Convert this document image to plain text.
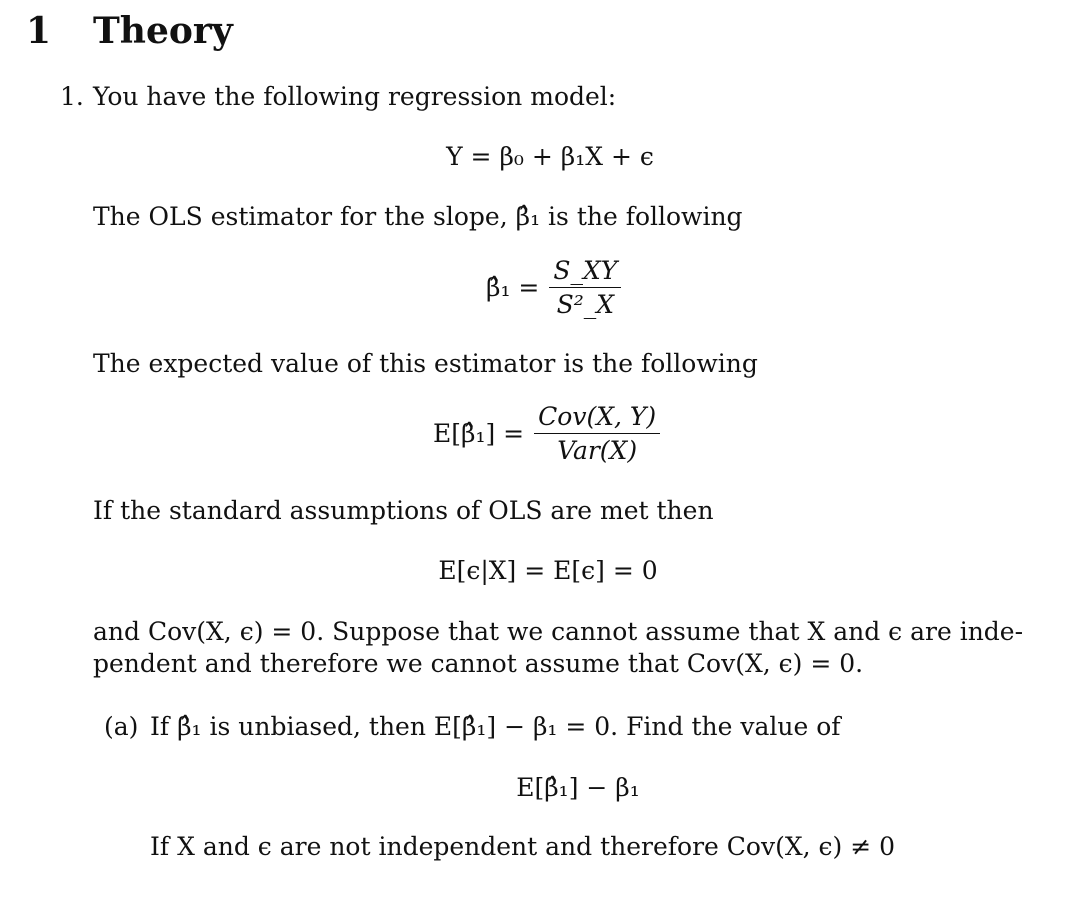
1 Theory
1. You have the following regression model:
Y = β₀ + β₁X + ϵ
The OLS estimator for the slope, β̂₁ is the following
β̂₁ = $\frac{S\_XY}{\text{S²\_X}}$
The expected value of this estimator is the following
E[β̂₁] = $\frac{\text{Cov(X, Y)}}{\text{Var(X)}}$
If the standard assumptions of OLS are met then
E[ϵ|X] = E[ϵ] = 0
and Cov(X, ϵ) = 0. Suppose that we cannot assume that X and ϵ are inde-
pendent and therefore we cannot assume that Cov(X, ϵ) = 0.
(a) If β̂₁ is unbiased, then E[β̂₁] − β₁ = 0. Find the value of
E[β̂₁] − β₁
If X and ϵ are not independent and therefore Cov(X, ϵ) ≠ 0
